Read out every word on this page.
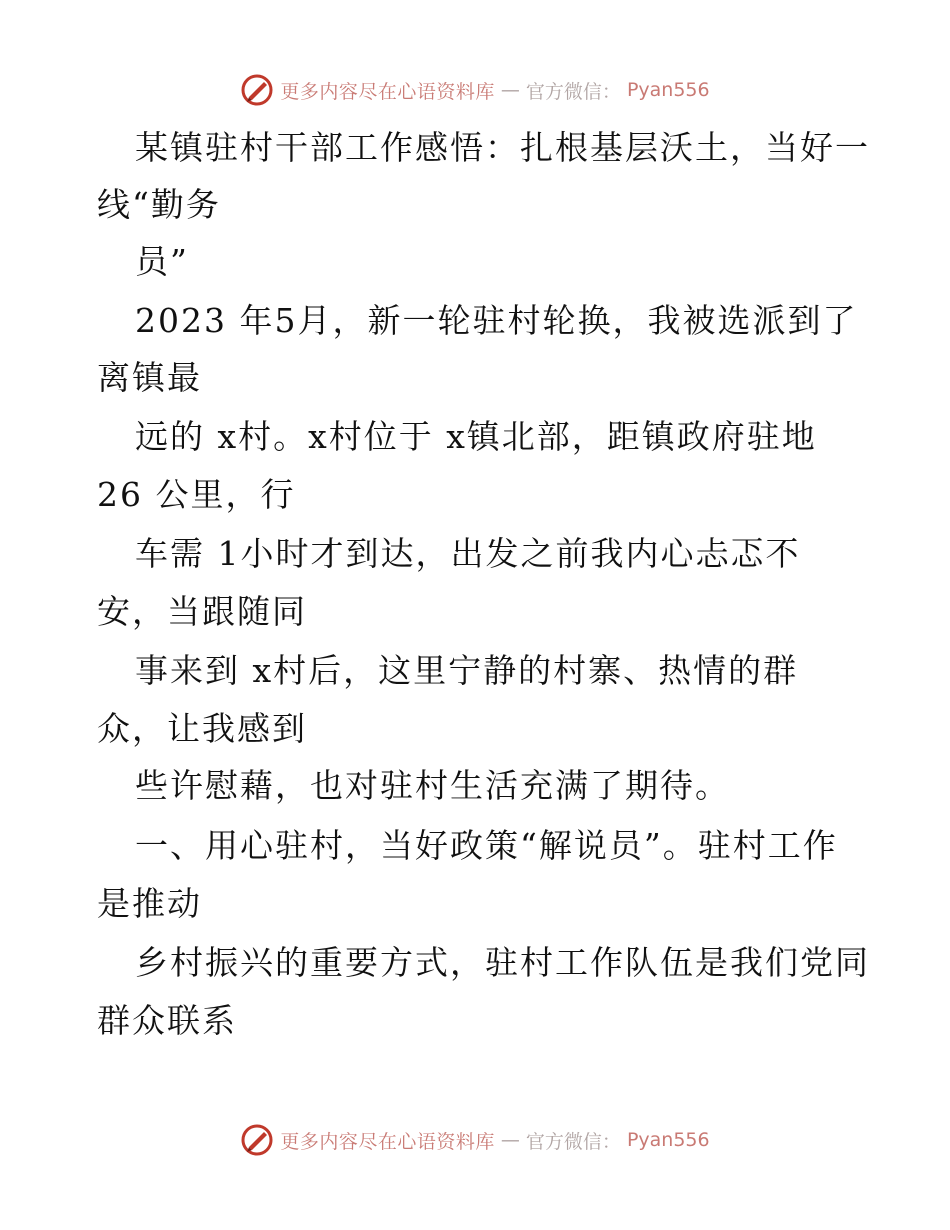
更多内容尽在心语资料库 — 官方微信： Pyan556
某镇驻村干部工作感悟：扎根基层沃土，当好一
线“勤务
员”
2023 年5月，新一轮驻村轮换，我被选派到了
离镇最
远的 x村。x村位于 x镇北部，距镇政府驻地
26 公里，行
车需 1小时才到达，出发之前我内心忐忑不
安，当跟随同
事来到 x村后，这里宁静的村寨、热情的群
众，让我感到
些许慰藉，也对驻村生活充满了期待。
一、用心驻村，当好政策“解说员”。驻村工作
是推动
乡村振兴的重要方式，驻村工作队伍是我们党同
群众联系
更多内容尽在心语资料库 — 官方微信： Pyan556
